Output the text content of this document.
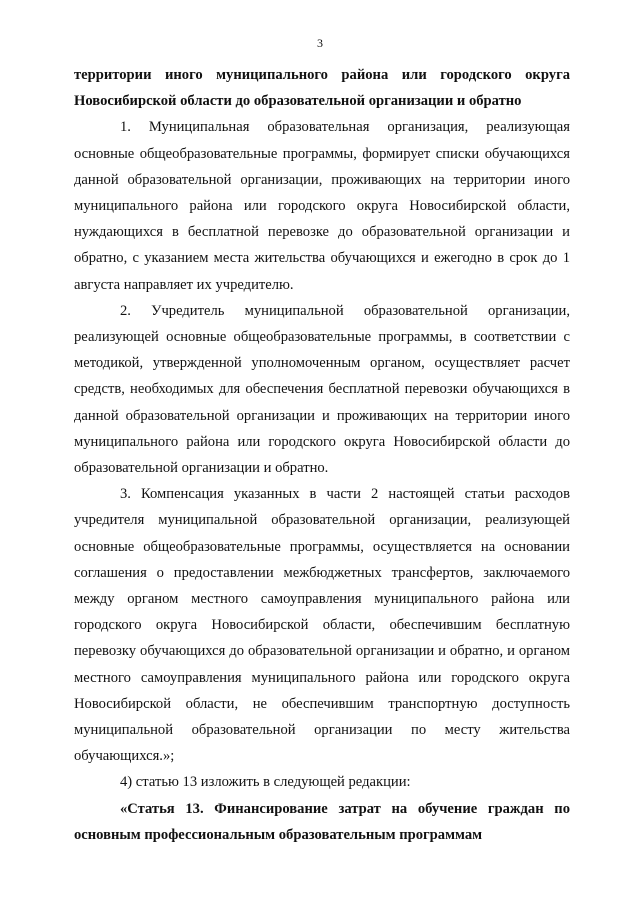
3

территории иного муниципального района или городского округа Новосибирской области до образовательной организации и обратно

1. Муниципальная образовательная организация, реализующая основные общеобразовательные программы, формирует списки обучающихся данной образовательной организации, проживающих на территории иного муниципального района или городского округа Новосибирской области, нуждающихся в бесплатной перевозке до образовательной организации и обратно, с указанием места жительства обучающихся и ежегодно в срок до 1 августа направляет их учредителю.

2. Учредитель муниципальной образовательной организации, реализующей основные общеобразовательные программы, в соответствии с методикой, утвержденной уполномоченным органом, осуществляет расчет средств, необходимых для обеспечения бесплатной перевозки обучающихся в данной образовательной организации и проживающих на территории иного муниципального района или городского округа Новосибирской области до образовательной организации и обратно.

3. Компенсация указанных в части 2 настоящей статьи расходов учредителя муниципальной образовательной организации, реализующей основные общеобразовательные программы, осуществляется на основании соглашения о предоставлении межбюджетных трансфертов, заключаемого между органом местного самоуправления муниципального района или городского округа Новосибирской области, обеспечившим бесплатную перевозку обучающихся до образовательной организации и обратно, и органом местного самоуправления муниципального района или городского округа Новосибирской области, не обеспечившим транспортную доступность муниципальной образовательной организации по месту жительства обучающихся.»;

4) статью 13 изложить в следующей редакции:

«Статья 13. Финансирование затрат на обучение граждан по основным профессиональным образовательным программам
